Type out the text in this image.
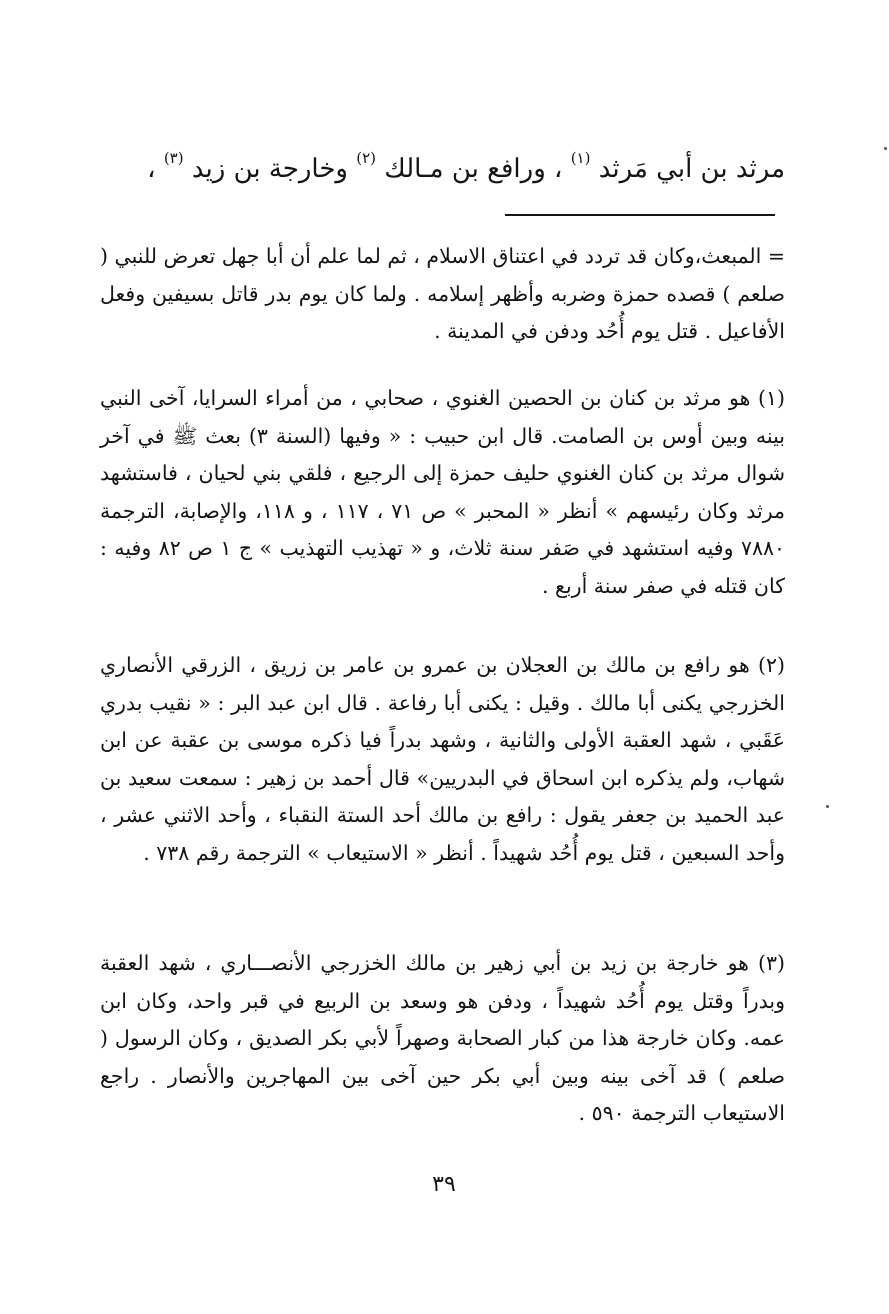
مرثد بن أبي مَرثد $^{(١)}$ ، ورافع بن مـالك $^{(٢)}$ وخارجة بن زيد $^{(٣)}$ ،

= المبعث،وكان قد تردد في اعتناق الاسلام ، ثم لما علم أن أبا جهل تعرض للنبي ( صلعم ) قصده حمزة وضربه وأظهر إسلامه . ولما كان يوم بدر قاتل بسيفين وفعل الأفاعيل . قتل يوم أُحُد ودفن في المدينة .

(١) هو مرثد بن كنان بن الحصين الغنوي ، صحابي ، من أمراء السرايا، آخى النبي بينه وبين أوس بن الصامت. قال ابن حبيب : « وفيها (السنة ٣) بعث ﷺ في آخر شوال مرثد بن كنان الغنوي حليف حمزة إلى الرجيع ، فلقي بني لحيان ، فاستشهد مرثد وكان رئيسهم » أنظر « المحبر » ص ٧١ ، ١١٧ ، و ١١٨، والإصابة، الترجمة ٧٨٨٠ وفيه استشهد في صَفر سنة ثلاث، و « تهذيب التهذيب » ج ١ ص ٨٢ وفيه : كان قتله في صفر سنة أربع .

(٢) هو رافع بن مالك بن العجلان بن عمرو بن عامر بن زريق ، الزرقي الأنصاري الخزرجي يكنى أبا مالك . وقيل : يكنى أبا رفاعة . قال ابن عبد البر : « نقيب بدري عَقَبي ، شهد العقبة الأولى والثانية ، وشهد بدراً فيا ذكره موسى بن عقبة عن ابن شهاب، ولم يذكره ابن اسحاق في البدريين» قال أحمد بن زهير : سمعت سعيد بن عبد الحميد بن جعفر يقول : رافع بن مالك أحد الستة النقباء ، وأحد الاثني عشر ، وأحد السبعين ، قتل يوم أُحُد شهيداً . أنظر « الاستيعاب » الترجمة رقم ٧٣٨ .

(٣) هو خارجة بن زيد بن أبي زهير بن مالك الخزرجي الأنصـــاري ، شهد العقبة وبدراً وقتل يوم أُحُد شهيداً ، ودفن هو وسعد بن الربيع في قبر واحد، وكان ابن عمه. وكان خارجة هذا من كبار الصحابة وصهراً لأبي بكر الصديق ، وكان الرسول ( صلعم ) قد آخى بينه وبين أبي بكر حين آخى بين المهاجرين والأنصار . راجع الاستيعاب الترجمة ٥٩٠ .

٣٩
